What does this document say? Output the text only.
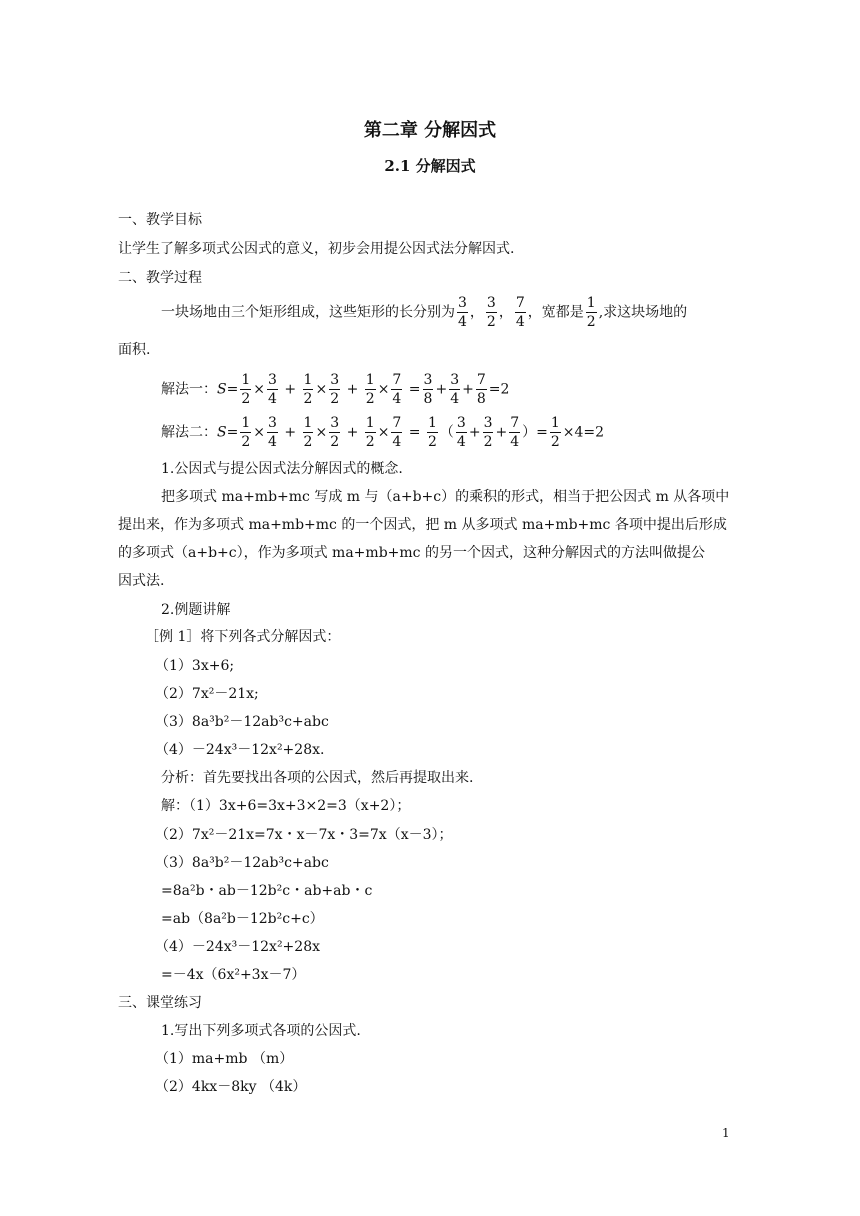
第二章 分解因式
2.1 分解因式

一、教学目标

让学生了解多项式公因式的意义，初步会用提公因式法分解因式.

二、教学过程

一块场地由三个矩形组成，这些矩形的长分别为 $\frac{3}{4}$ ， $\frac{3}{2}$ ， $\frac{7}{4}$ ，宽都是 $\frac{1}{2}$ ,求这块场地的

面积.

解法一：$S= \frac{1}{2} \times \frac{3}{4} + \frac{1}{2} \times \frac{3}{2} + \frac{1}{2} \times \frac{7}{4} = \frac{3}{8} + \frac{3}{4} + \frac{7}{8} =2$
解法二：$S= \frac{1}{2} \times \frac{3}{4} + \frac{1}{2} \times \frac{3}{2} + \frac{1}{2} \times \frac{7}{4} = \frac{1}{2}$ （ $\frac{3}{4} + \frac{3}{2} + \frac{7}{4}$ ）= $\frac{1}{2} \times 4=2$

1.公因式与提公因式法分解因式的概念.

把多项式 ma+mb+mc 写成 m 与（a+b+c）的乘积的形式，相当于把公因式 m 从各项中

提出来，作为多项式 ma+mb+mc 的一个因式，把 m 从多项式 ma+mb+mc 各项中提出后形成

的多项式（a+b+c），作为多项式 ma+mb+mc 的另一个因式，这种分解因式的方法叫做提公

因式法.

2.例题讲解

［例 1］将下列各式分解因式：

（1）3x+6;

（2）7x²－21x;

（3）8a³b²－12ab³c+abc

（4）－24x³－12x²+28x.

分析：首先要找出各项的公因式，然后再提取出来.

解：（1）3x+6=3x+3×2=3（x+2）；

（2）7x²－21x=7x・x－7x・3=7x（x－3）；

（3）8a³b²－12ab³c+abc

=8a²b・ab－12b²c・ab+ab・c

=ab（8a²b－12b²c+c）

（4）－24x³－12x²+28x

=－4x（6x²+3x－7）

三、课堂练习

1.写出下列多项式各项的公因式.

（1）ma+mb （m）

（2）4kx－8ky （4k）

1
